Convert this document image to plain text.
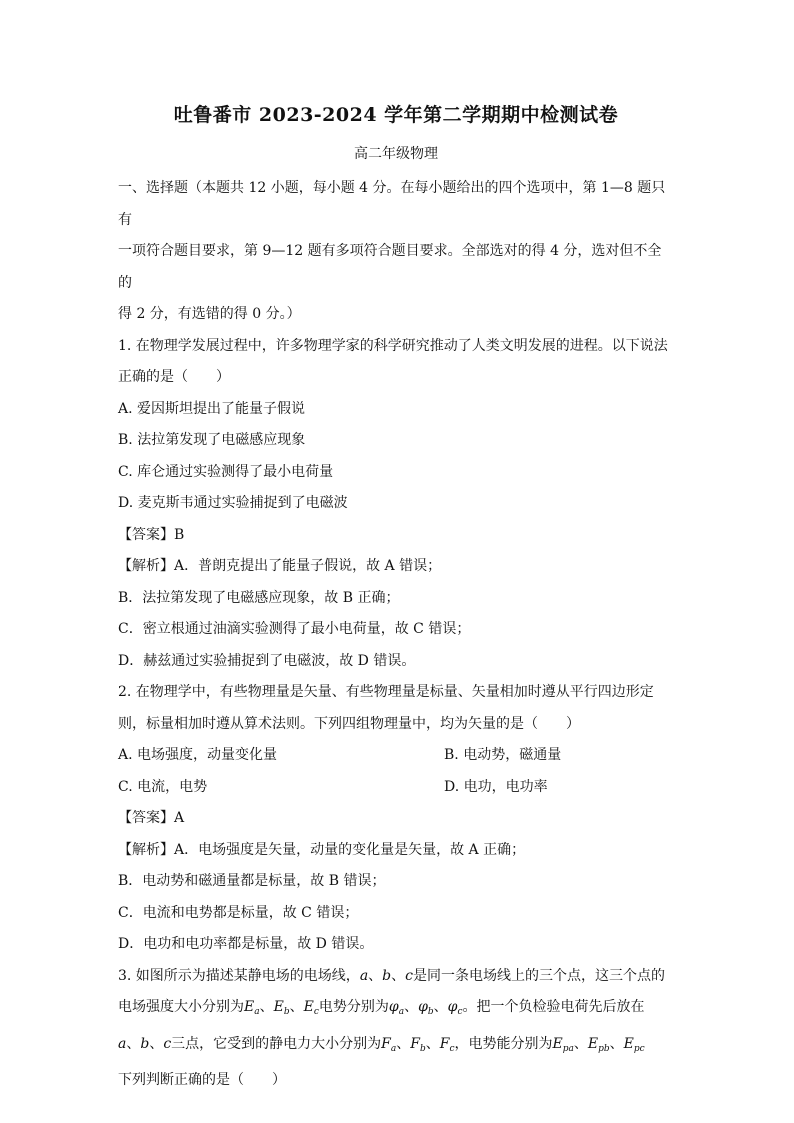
吐鲁番市 2023-2024 学年第二学期期中检测试卷
高二年级物理

一、选择题（本题共 12 小题，每小题 4 分。在每小题给出的四个选项中，第 1—8 题只有

一项符合题目要求，第 9—12 题有多项符合题目要求。全部选对的得 4 分，选对但不全的

得 2 分，有选错的得 0 分。）

1. 在物理学发展过程中，许多物理学家的科学研究推动了人类文明发展的进程。以下说法

正确的是（　　）

A. 爱因斯坦提出了能量子假说

B. 法拉第发现了电磁感应现象

C. 库仑通过实验测得了最小电荷量

D. 麦克斯韦通过实验捕捉到了电磁波

【答案】B

【解析】A．普朗克提出了能量子假说，故 A 错误；

B．法拉第发现了电磁感应现象，故 B 正确；

C．密立根通过油滴实验测得了最小电荷量，故 C 错误；

D．赫兹通过实验捕捉到了电磁波，故 D 错误。

2. 在物理学中，有些物理量是矢量、有些物理量是标量、矢量相加时遵从平行四边形定

则，标量相加时遵从算术法则。下列四组物理量中，均为矢量的是（　　）

A. 电场强度，动量变化量	B. 电动势，磁通量
C. 电流，电势	D. 电功，电功率

【答案】A

【解析】A．电场强度是矢量，动量的变化量是矢量，故 A 正确；

B．电动势和磁通量都是标量，故 B 错误；

C．电流和电势都是标量，故 C 错误；

D．电功和电功率都是标量，故 D 错误。

3. 如图所示为描述某静电场的电场线，a、b、c是同一条电场线上的三个点，这三个点的

电场强度大小分别为$E_a$、$E_b$、$E_c$电势分别为$\varphi_a$、$\varphi_b$、$\varphi_c$。把一个负检验电荷先后放在

a、b、c三点，它受到的静电力大小分别为$F_a$、$F_b$、$F_c$，电势能分别为$E_{pa}$、$E_{pb}$、$E_{pc}$

下列判断正确的是（　　）
